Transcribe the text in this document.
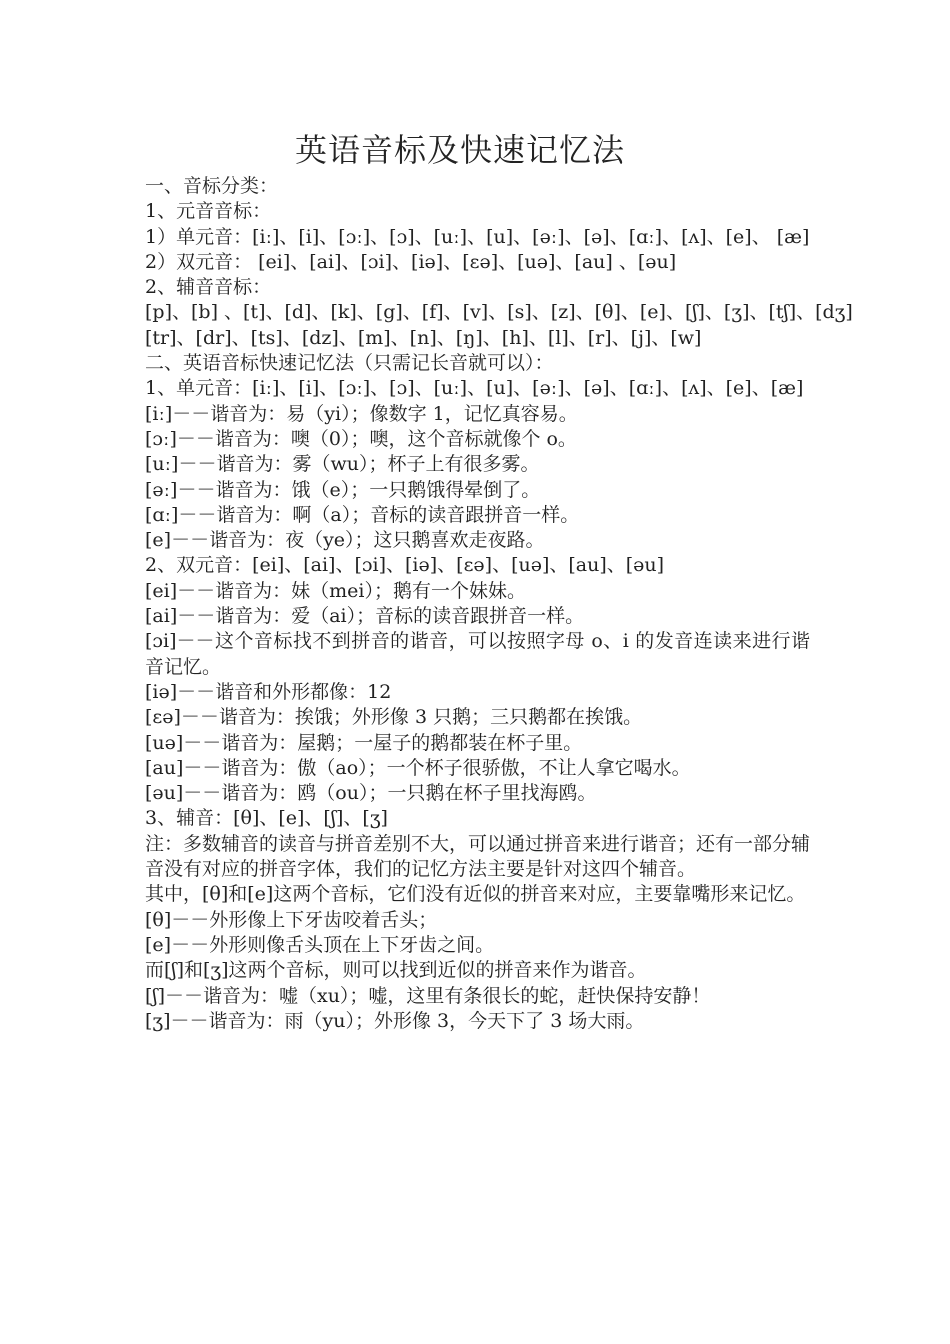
英语音标及快速记忆法
一、音标分类：
1、元音音标：
1）单元音：[iː]、[i]、[ɔː]、[ɔ]、[uː]、[u]、[əː]、[ə]、[ɑː]、[ʌ]、[e]、 [æ]
2）双元音： [ei]、[ai]、[ɔi]、[iə]、[ɛə]、[uə]、[au] 、[əu]
2、辅音音标：
[p]、[b] 、[t]、[d]、[k]、[g]、[f]、[v]、[s]、[z]、[θ]、[e]、[ʃ]、[ʒ]、[tʃ]、[dʒ]
[tr]、[dr]、[ts]、[dz]、[m]、[n]、[ŋ]、[h]、[l]、[r]、[j]、[w]
二、英语音标快速记忆法（只需记长音就可以）：
1、单元音：[iː]、[i]、[ɔː]、[ɔ]、[uː]、[u]、[əː]、[ə]、[ɑː]、[ʌ]、[e]、[æ]
[iː]－－谐音为：易（yi）；像数字 1，记忆真容易。
[ɔː]－－谐音为：噢（0）；噢，这个音标就像个 o。
[uː]－－谐音为：雾（wu）；杯子上有很多雾。
[əː]－－谐音为：饿（e）；一只鹅饿得晕倒了。
[ɑː]－－谐音为：啊（a）；音标的读音跟拼音一样。
[e]－－谐音为：夜（ye）；这只鹅喜欢走夜路。
2、双元音：[ei]、[ai]、[ɔi]、[iə]、[ɛə]、[uə]、[au]、[əu]
[ei]－－谐音为：妹（mei）；鹅有一个妹妹。
[ai]－－谐音为：爱（ai）；音标的读音跟拼音一样。
[ɔi]－－这个音标找不到拼音的谐音，可以按照字母 o、i 的发音连读来进行谐音记忆。
[iə]－－谐音和外形都像：12
[ɛə]－－谐音为：挨饿；外形像 3 只鹅；三只鹅都在挨饿。
[uə]－－谐音为：屋鹅；一屋子的鹅都装在杯子里。
[au]－－谐音为：傲（ao）；一个杯子很骄傲，不让人拿它喝水。
[əu]－－谐音为：鸥（ou）；一只鹅在杯子里找海鸥。
3、辅音：[θ]、[e]、[ʃ]、[ʒ]
注：多数辅音的读音与拼音差别不大，可以通过拼音来进行谐音；还有一部分辅音没有对应的拼音字体，我们的记忆方法主要是针对这四个辅音。
其中，[θ]和[e]这两个音标，它们没有近似的拼音来对应，主要靠嘴形来记忆。
[θ]－－外形像上下牙齿咬着舌头；
[e]－－外形则像舌头顶在上下牙齿之间。
而[ʃ]和[ʒ]这两个音标，则可以找到近似的拼音来作为谐音。
[ʃ]－－谐音为：嘘（xu）；嘘，这里有条很长的蛇，赶快保持安静！
[ʒ]－－谐音为：雨（yu）；外形像 3，今天下了 3 场大雨。
